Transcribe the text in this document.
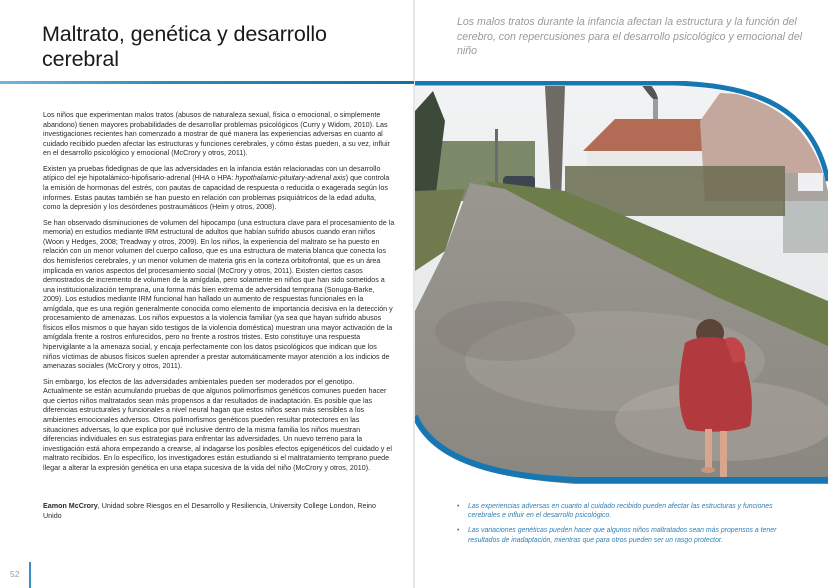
Maltrato, genética y desarrollo cerebral

Los niños que experimentan malos tratos (abusos de naturaleza sexual, física o emocional, o simplemente abandono) tienen mayores probabilidades de desarrollar problemas psicológicos (Curry y Widom, 2010). Las investigaciones recientes han comenzado a mostrar de qué manera las experiencias adversas en cuanto al cuidado recibido pueden afectar las estructuras y funciones cerebrales, y cómo éstas pueden, a su vez, influir en el desarrollo psicológico y emocional (McCrory y otros, 2011).

Existen ya pruebas fidedignas de que las adversidades en la infancia están relacionadas con un desarrollo atípico del eje hipotalámico-hipofisario-adrenal (HHA o HPA: hypothalamic-pituitary-adrenal axis) que controla la emisión de hormonas del estrés, con pautas de capacidad de respuesta o reducida o exagerada según los informes. Estas pautas también se han puesto en relación con problemas psiquiátricos de la edad adulta, como la depresión y los desórdenes postraumáticos (Heim y otros, 2008).

Se han observado disminuciones de volumen del hipocampo (una estructura clave para el procesamiento de la memoria) en estudios mediante IRM estructural de adultos que habían sufrido abusos cuando eran niños (Woon y Hedges, 2008; Treadway y otros, 2009). En los niños, la experiencia del maltrato se ha puesto en relación con un menor volumen del cuerpo calloso, que es una estructura de materia blanca que conecta los dos hemisferios cerebrales, y un menor volumen de materia gris en la corteza orbitofrontal, que es un área implicada en varios aspectos del procesamiento social (McCrory y otros, 2011). Existen ciertos casos demostrados de incremento de volumen de la amígdala, pero solamente en niños que han sido sometidos a una institucionalización temprana, una forma más bien extrema de adversidad temprana (Sonuga-Barke, 2009). Los estudios mediante IRM funcional han hallado un aumento de respuestas funcionales en la amígdala, que es una región generalmente conocida como elemento de importancia decisiva en la detección y procesamiento de amenazas. Los niños expuestos a la violencia familiar (ya sea que hayan sufrido abusos físicos ellos mismos o que hayan sido testigos de la violencia doméstica) muestran una mayor activación de la amígdala frente a rostros enfurecidos, pero no frente a rostros tristes. Esto constituye una respuesta hipervigilante a la amenaza social, y encaja perfectamente con los datos psicológicos que indican que los niños víctimas de abusos físicos suelen aprender a prestar automáticamente mayor atención a los indicios de amenazas sociales (McCrory y otros, 2011).

Sin embargo, los efectos de las adversidades ambientales pueden ser moderados por el genotipo. Actualmente se están acumulando pruebas de que algunos polimorfismos genéticos comunes pueden hacer que ciertos niños maltratados sean más propensos a dar resultados de inadaptación. Es posible que las diferencias estructurales y funcionales a nivel neural hagan que estos niños sean más sensibles a los ambientes emocionales adversos. Otros polimorfismos genéticos pueden resultar protectores en las situaciones adversas, lo que explica por qué inclusive dentro de la misma familia los niños muestran diferencias individuales en sus estrategias para enfrentar las adversidades. Un nuevo terreno para la investigación está ahora empezando a crearse, al indagarse los posibles efectos epigenéticos del cuidado y el maltrato recibidos. En lo específico, los investigadores están estudiando si el maltratamiento temprano puede llegar a alterar la expresión genética en una etapa sucesiva de la vida del niño (McCrory y otros, 2010).

Eamon McCrory, Unidad sobre Riesgos en el Desarrollo y Resiliencia, University College London, Reino Unido
52
Los malos tratos durante la infancia afectan la estructura y la función del cerebro, con repercusiones para el desarrollo psicológico y emocional del niño
• Las experiencias adversas en cuanto al cuidado recibido pueden afectar las estructuras y funciones cerebrales e influir en el desarrollo psicológico.
• Las variaciones genéticas pueden hacer que algunos niños maltratados sean más propensos a tener resultados de inadaptación, mientras que para otros pueden ser un rasgo protector.
